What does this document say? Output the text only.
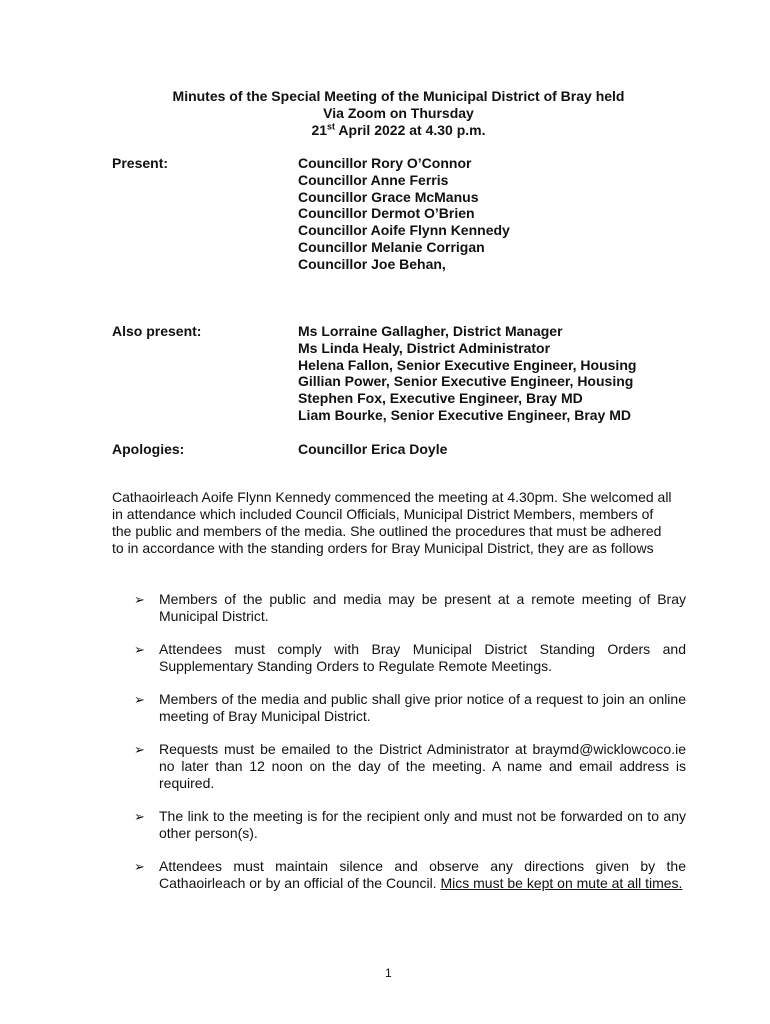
Minutes of the Special Meeting of the Municipal District of Bray held
Via Zoom on Thursday
21st April 2022 at 4.30 p.m.
Present:	Councillor Rory O’Connor
Councillor Anne Ferris
Councillor Grace McManus
Councillor Dermot O’Brien
Councillor Aoife Flynn Kennedy
Councillor Melanie Corrigan
Councillor Joe Behan,
Also present:	Ms Lorraine Gallagher, District Manager
Ms Linda Healy, District Administrator
Helena Fallon, Senior Executive Engineer, Housing
Gillian Power, Senior Executive Engineer, Housing
Stephen Fox, Executive Engineer, Bray MD
Liam Bourke, Senior Executive Engineer, Bray MD
Apologies:	Councillor Erica Doyle
Cathaoirleach Aoife Flynn Kennedy commenced the meeting at 4.30pm. She welcomed all in attendance which included Council Officials, Municipal District Members, members of the public and members of the media. She outlined the procedures that must be adhered to in accordance with the standing orders for Bray Municipal District, they are as follows
➢ Members of the public and media may be present at a remote meeting of Bray Municipal District.
➢ Attendees must comply with Bray Municipal District Standing Orders and Supplementary Standing Orders to Regulate Remote Meetings.
➢ Members of the media and public shall give prior notice of a request to join an online meeting of Bray Municipal District.
➢ Requests must be emailed to the District Administrator at braymd@wicklowcoco.ie no later than 12 noon on the day of the meeting. A name and email address is required.
➢ The link to the meeting is for the recipient only and must not be forwarded on to any other person(s).
➢ Attendees must maintain silence and observe any directions given by the Cathaoirleach or by an official of the Council. Mics must be kept on mute at all times.
1
